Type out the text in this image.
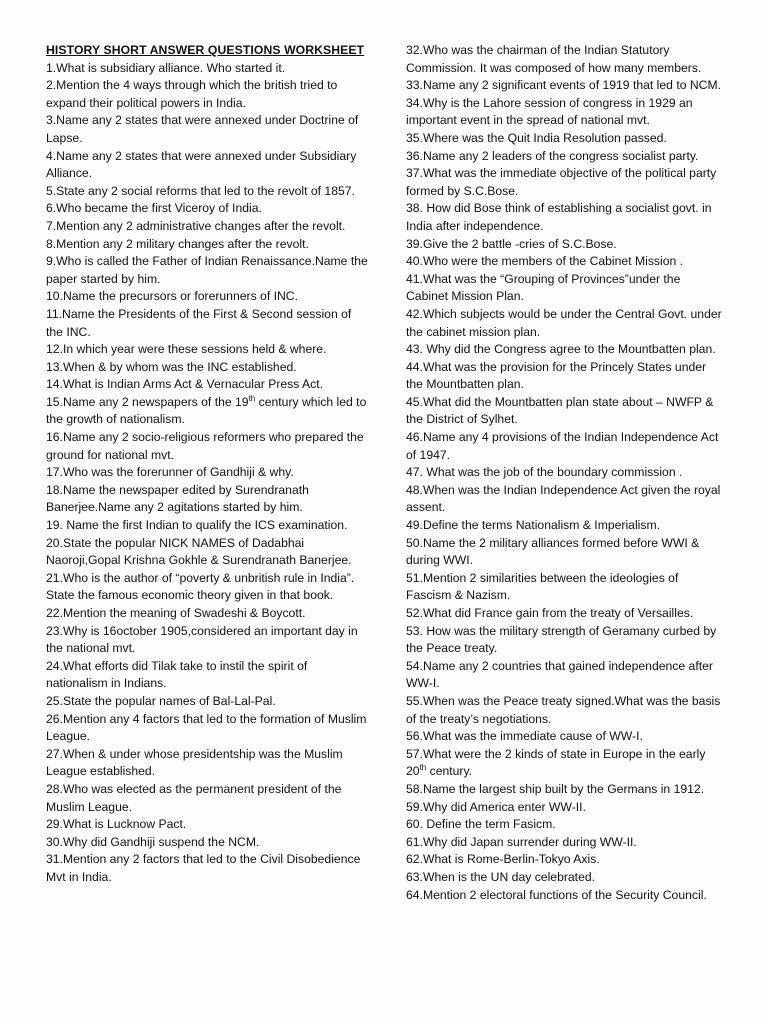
HISTORY SHORT ANSWER QUESTIONS WORKSHEET
1.What is subsidiary alliance. Who started it.
2.Mention the 4 ways through which the british tried to expand their political powers in India.
3.Name any 2 states that were annexed under Doctrine of Lapse.
4.Name any 2 states that were annexed under Subsidiary Alliance.
5.State any 2 social reforms that led to the revolt of 1857.
6.Who became the first Viceroy of India.
7.Mention any 2 administrative changes after the revolt.
8.Mention any 2 military changes after the revolt.
9.Who is called the Father of Indian Renaissance.Name the paper started by him.
10.Name the precursors or forerunners of INC.
11.Name the Presidents of the First & Second session of the INC.
12.In which year were these sessions held & where.
13.When & by whom was the INC established.
14.What is Indian Arms Act & Vernacular Press Act.
15.Name any 2 newspapers of the 19th century which led to the growth of nationalism.
16.Name any 2 socio-religious reformers who prepared the ground for national mvt.
17.Who was the forerunner of Gandhiji & why.
18.Name the newspaper edited by Surendranath Banerjee.Name any 2 agitations started by him.
19. Name the first Indian to qualify the ICS examination.
20.State the popular NICK NAMES of Dadabhai Naoroji,Gopal Krishna Gokhle & Surendranath Banerjee.
21.Who is the author of “poverty & unbritish rule in India”. State the famous economic theory given in that book.
22.Mention the meaning of Swadeshi & Boycott.
23.Why is 16october 1905,considered an important day in the national mvt.
24.What efforts did Tilak take to instil the spirit of nationalism in Indians.
25.State the popular names of Bal-Lal-Pal.
26.Mention any 4 factors that led to the formation of Muslim League.
27.When & under whose presidentship was the Muslim League established.
28.Who was elected as the permanent president of the Muslim League.
29.What is Lucknow Pact.
30.Why did Gandhiji suspend the NCM.
31.Mention any 2 factors that led to the Civil Disobedience Mvt in India.
32.Who was the chairman of the Indian Statutory Commission. It was composed of how many members.
33.Name any 2 significant events of 1919 that led to NCM.
34.Why is the Lahore session of congress in 1929 an important event in the spread of national mvt.
35.Where was the Quit India Resolution passed.
36.Name any 2 leaders of the congress socialist party.
37.What was the immediate objective of the political party formed by S.C.Bose.
38. How did Bose think of establishing a socialist govt. in India after independence.
39.Give the 2 battle -cries of S.C.Bose.
40.Who were the members of the Cabinet Mission .
41.What was the “Grouping of Provinces”under the Cabinet Mission Plan.
42.Which subjects would be under the Central Govt. under the cabinet mission plan.
43. Why did the Congress agree to the Mountbatten plan.
44.What was the provision for the Princely States under the Mountbatten plan.
45.What did the Mountbatten plan state about – NWFP & the District of Sylhet.
46.Name any 4 provisions of the Indian Independence Act of 1947.
47. What was the job of the boundary commission .
48.When was the Indian Independence Act given the royal assent.
49.Define the terms Nationalism & Imperialism.
50.Name the 2 military alliances formed before WWI & during WWI.
51.Mention 2 similarities between the ideologies of Fascism & Nazism.
52.What did France gain from the treaty of Versailles.
53. How was the military strength of Geramany curbed by the Peace treaty.
54.Name any 2 countries that gained independence after WW-I.
55.When was the Peace treaty signed.What was the basis of the treaty’s negotiations.
56.What was the immediate cause of WW-I.
57.What were the 2 kinds of state in Europe in the early 20th century.
58.Name the largest ship built by the Germans in 1912.
59.Why did America enter WW-II.
60. Define the term Fasicm.
61.Why did Japan surrender during WW-II.
62.What is Rome-Berlin-Tokyo Axis.
63.When is the UN day celebrated.
64.Mention 2 electoral functions of the Security Council.
